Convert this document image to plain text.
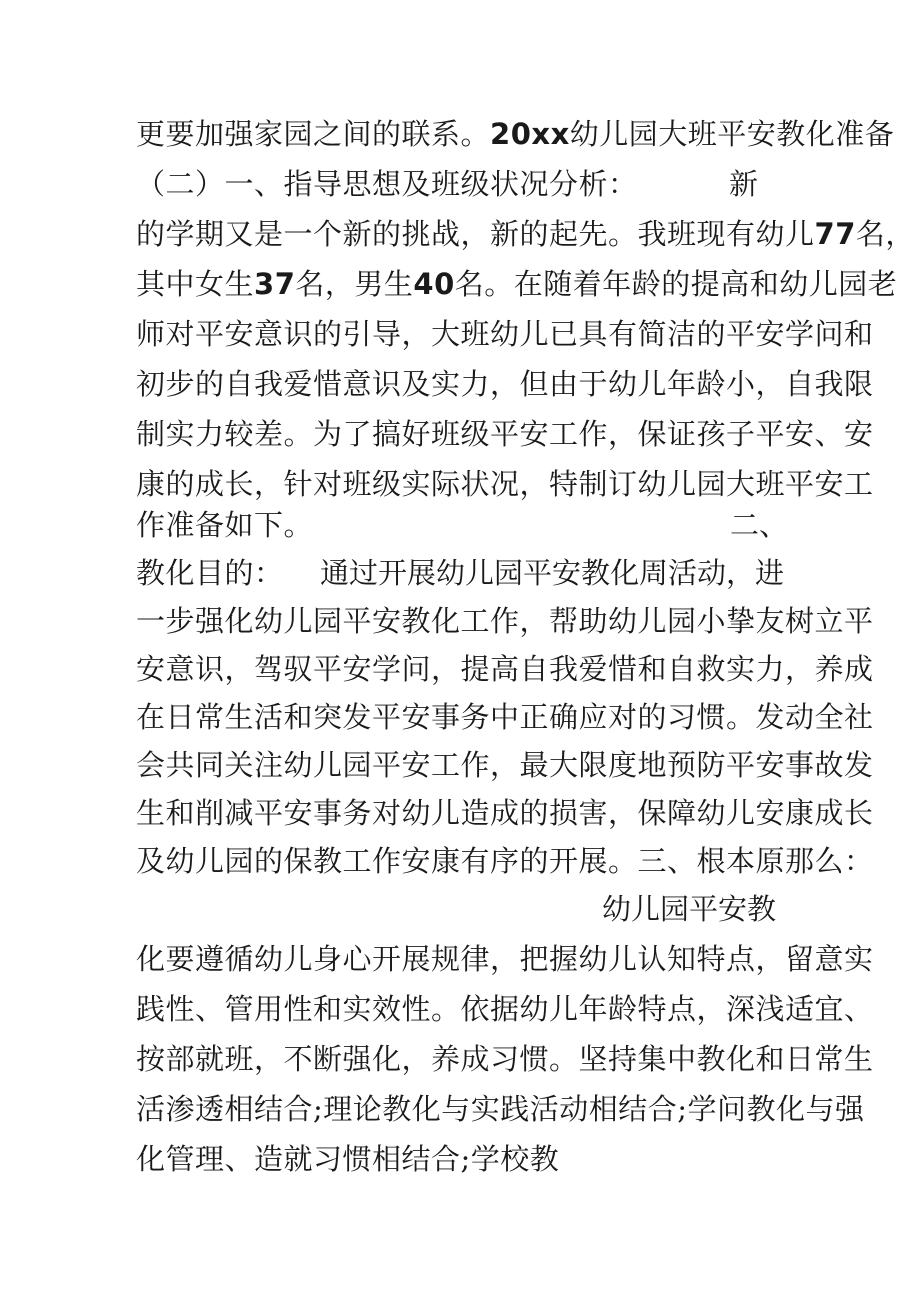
更要加强家园之间的联系。20xx幼儿园大班平安教化准备
（二）一、指导思想及班级状况分析：	新
的学期又是一个新的挑战，新的起先。我班现有幼儿77名，
其中女生37名，男生40名。在随着年龄的提高和幼儿园老
师对平安意识的引导，大班幼儿已具有简洁的平安学问和
初步的自我爱惜意识及实力，但由于幼儿年龄小，自我限
制实力较差。为了搞好班级平安工作，保证孩子平安、安
康的成长，针对班级实际状况，特制订幼儿园大班平安工
作准备如下。	二、
教化目的： 通过开展幼儿园平安教化周活动，进
一步强化幼儿园平安教化工作，帮助幼儿园小挚友树立平
安意识，驾驭平安学问，提高自我爱惜和自救实力，养成
在日常生活和突发平安事务中正确应对的习惯。发动全社
会共同关注幼儿园平安工作，最大限度地预防平安事故发
生和削减平安事务对幼儿造成的损害，保障幼儿安康成长
及幼儿园的保教工作安康有序的开展。三、根本原那么：
幼儿园平安教
化要遵循幼儿身心开展规律，把握幼儿认知特点，留意实
践性、管用性和实效性。依据幼儿年龄特点，深浅适宜、
按部就班，不断强化，养成习惯。坚持集中教化和日常生
活渗透相结合;理论教化与实践活动相结合;学问教化与强
化管理、造就习惯相结合;学校教
